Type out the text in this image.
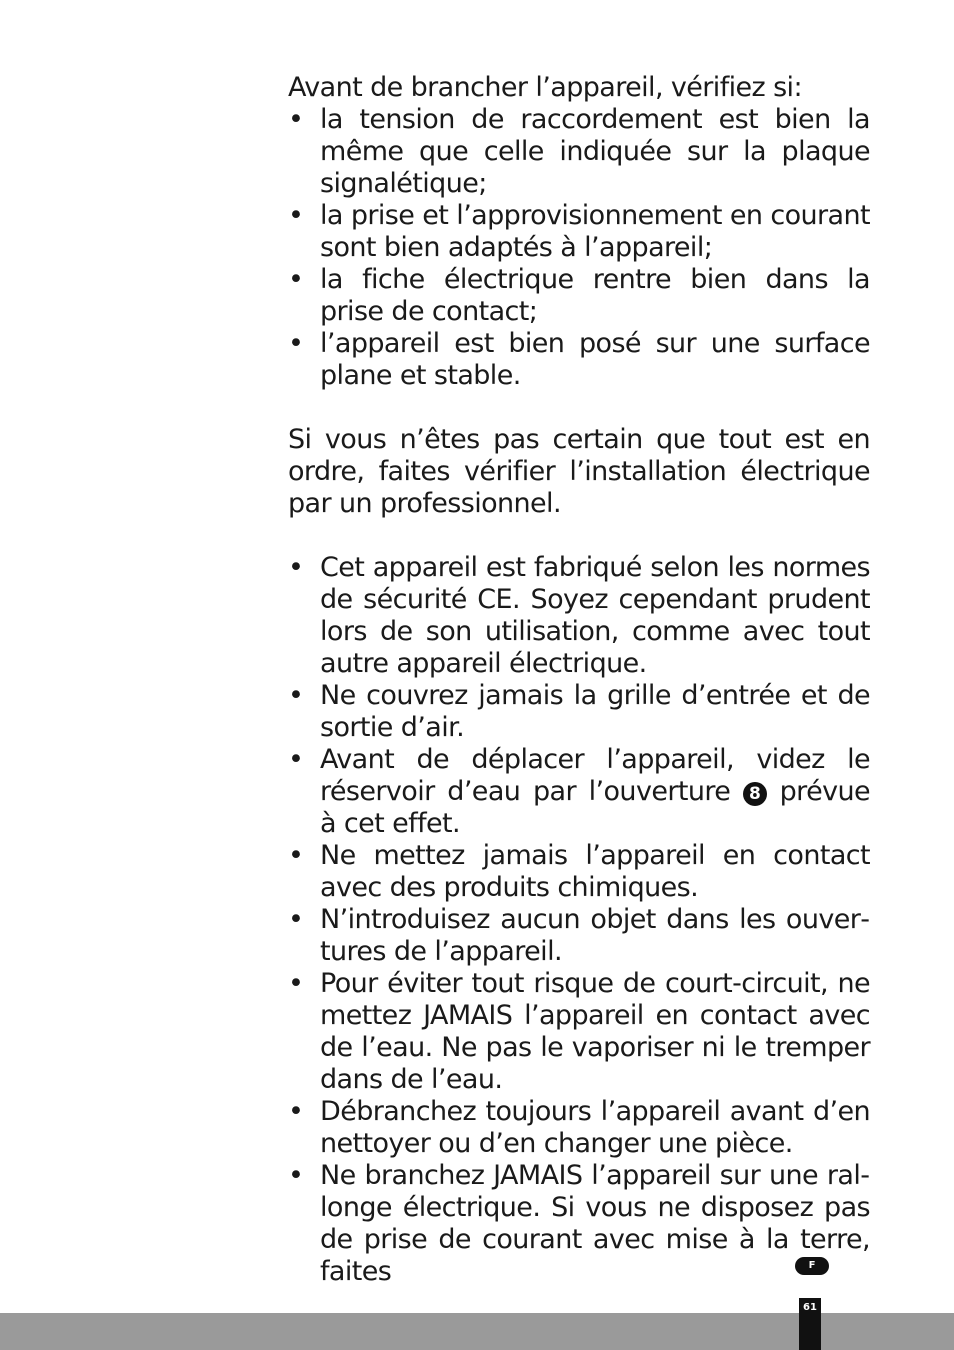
Avant de brancher l’appareil, vérifiez si:

• la tension de raccordement est bien la même que celle indiquée sur la plaque signalétique;
• la prise et l’approvisionnement en courant sont bien adaptés à l’appareil;
• la fiche électrique rentre bien dans la prise de contact;
• l’appareil est bien posé sur une surface plane et stable.

Si vous n’êtes pas certain que tout est en ordre, faites vérifier l’installation électrique par un professionnel.

• Cet appareil est fabriqué selon les normes de sécurité CE. Soyez cependant prudent lors de son utilisation, comme avec tout autre appareil électrique.
• Ne couvrez jamais la grille d’entrée et de sortie d’air.
• Avant de déplacer l’appareil, videz le réservoir d’eau par l’ouverture 8 prévue à cet effet.
• Ne mettez jamais l’appareil en contact avec des produits chimiques.
• N’introduisez aucun objet dans les ouvertures de l’appareil.
• Pour éviter tout risque de court-circuit, ne mettez JAMAIS l’appareil en contact avec de l’eau. Ne pas le vaporiser ni le tremper dans de l’eau.
• Débranchez toujours l’appareil avant d’en nettoyer ou d’en changer une pièce.
• Ne branchez JAMAIS l’appareil sur une rallonge électrique. Si vous ne disposez pas de prise de courant avec mise à la terre, faites	F
61
